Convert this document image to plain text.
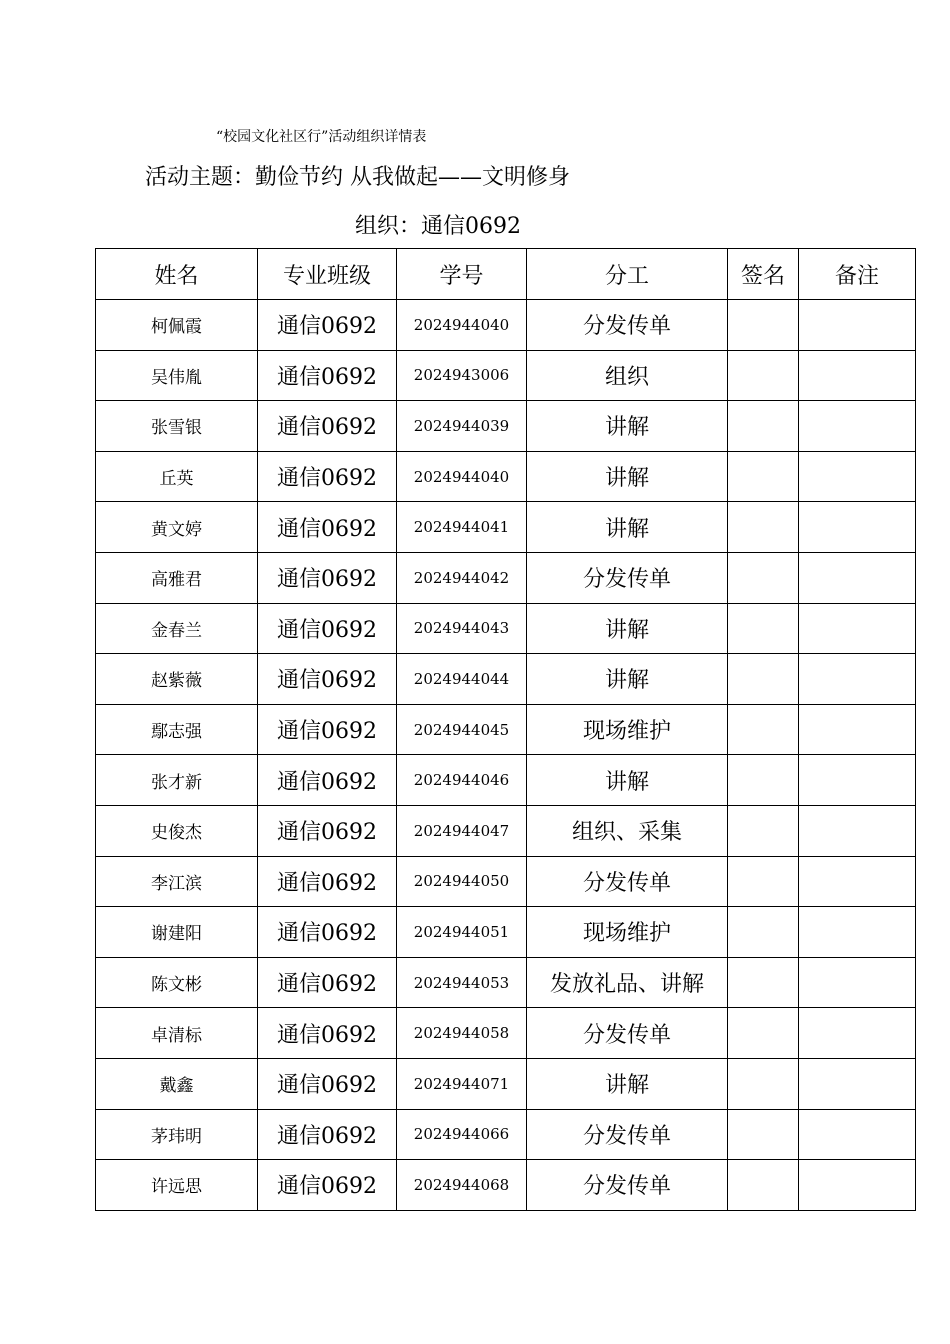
“校园文化社区行”活动组织详情表
活动主题：勤俭节约 从我做起——文明修身
组织：通信0692
姓名	专业班级	学号	分工	签名	备注
柯佩霞	通信0692	2024944040	分发传单		
吴伟胤	通信0692	2024943006	组织		
张雪银	通信0692	2024944039	讲解		
丘英	通信0692	2024944040	讲解		
黄文婷	通信0692	2024944041	讲解		
高雅君	通信0692	2024944042	分发传单		
金春兰	通信0692	2024944043	讲解		
赵紫薇	通信0692	2024944044	讲解		
鄢志强	通信0692	2024944045	现场维护		
张才新	通信0692	2024944046	讲解		
史俊杰	通信0692	2024944047	组织、采集		
李江滨	通信0692	2024944050	分发传单		
谢建阳	通信0692	2024944051	现场维护		
陈文彬	通信0692	2024944053	发放礼品、讲解		
卓清标	通信0692	2024944058	分发传单		
戴鑫	通信0692	2024944071	讲解		
茅玮明	通信0692	2024944066	分发传单		
许远思	通信0692	2024944068	分发传单		
